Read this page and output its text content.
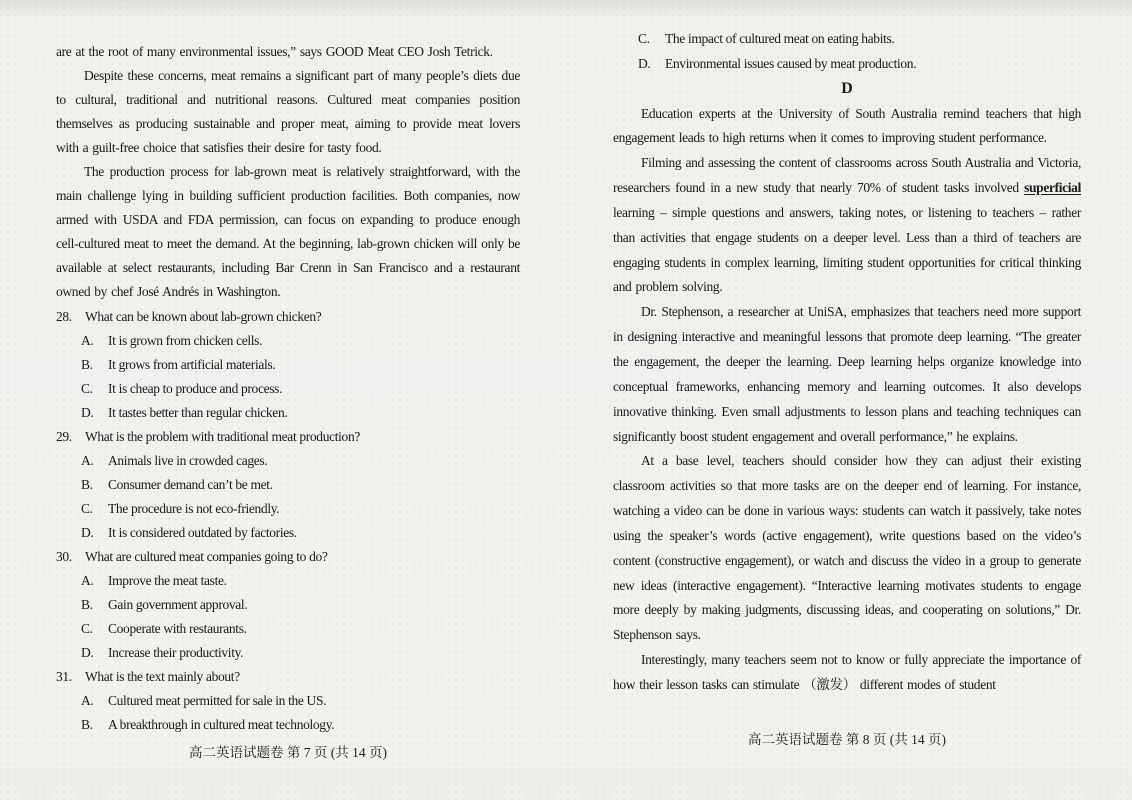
are at the root of many environmental issues,” says GOOD Meat CEO Josh Tetrick.

Despite these concerns, meat remains a significant part of many people’s diets due to cultural, traditional and nutritional reasons. Cultured meat companies position themselves as producing sustainable and proper meat, aiming to provide meat lovers with a guilt-free choice that satisfies their desire for tasty food.

The production process for lab-grown meat is relatively straightforward, with the main challenge lying in building sufficient production facilities. Both companies, now armed with USDA and FDA permission, can focus on expanding to produce enough cell-cultured meat to meet the demand. At the beginning, lab-grown chicken will only be available at select restaurants, including Bar Crenn in San Francisco and a restaurant owned by chef José Andrés in Washington.

28. What can be known about lab-grown chicken?
A.	It is grown from chicken cells.
B.	It grows from artificial materials.
C.	It is cheap to produce and process.
D.	It tastes better than regular chicken.
29. What is the problem with traditional meat production?
A.	Animals live in crowded cages.
B.	Consumer demand can’t be met.
C.	The procedure is not eco-friendly.
D.	It is considered outdated by factories.
30. What are cultured meat companies going to do?
A.	Improve the meat taste.
B.	Gain government approval.
C.	Cooperate with restaurants.
D.	Increase their productivity.
31. What is the text mainly about?
A.	Cultured meat permitted for sale in the US.
B.	A breakthrough in cultured meat technology.
高二英语试题卷 第 7 页 (共 14 页)
C.	The impact of cultured meat on eating habits.
D.	Environmental issues caused by meat production.
D

Education experts at the University of South Australia remind teachers that high engagement leads to high returns when it comes to improving student performance.

Filming and assessing the content of classrooms across South Australia and Victoria, researchers found in a new study that nearly 70% of student tasks involved superficial learning – simple questions and answers, taking notes, or listening to teachers – rather than activities that engage students on a deeper level. Less than a third of teachers are engaging students in complex learning, limiting student opportunities for critical thinking and problem solving.

Dr. Stephenson, a researcher at UniSA, emphasizes that teachers need more support in designing interactive and meaningful lessons that promote deep learning. “The greater the engagement, the deeper the learning. Deep learning helps organize knowledge into conceptual frameworks, enhancing memory and learning outcomes. It also develops innovative thinking. Even small adjustments to lesson plans and teaching techniques can significantly boost student engagement and overall performance,” he explains.

At a base level, teachers should consider how they can adjust their existing classroom activities so that more tasks are on the deeper end of learning. For instance, watching a video can be done in various ways: students can watch it passively, take notes using the speaker’s words (active engagement), write questions based on the video’s content (constructive engagement), or watch and discuss the video in a group to generate new ideas (interactive engagement). “Interactive learning motivates students to engage more deeply by making judgments, discussing ideas, and cooperating on solutions,” Dr. Stephenson says.

Interestingly, many teachers seem not to know or fully appreciate the importance of how their lesson tasks can stimulate （激发） different modes of student

高二英语试题卷 第 8 页 (共 14 页)
